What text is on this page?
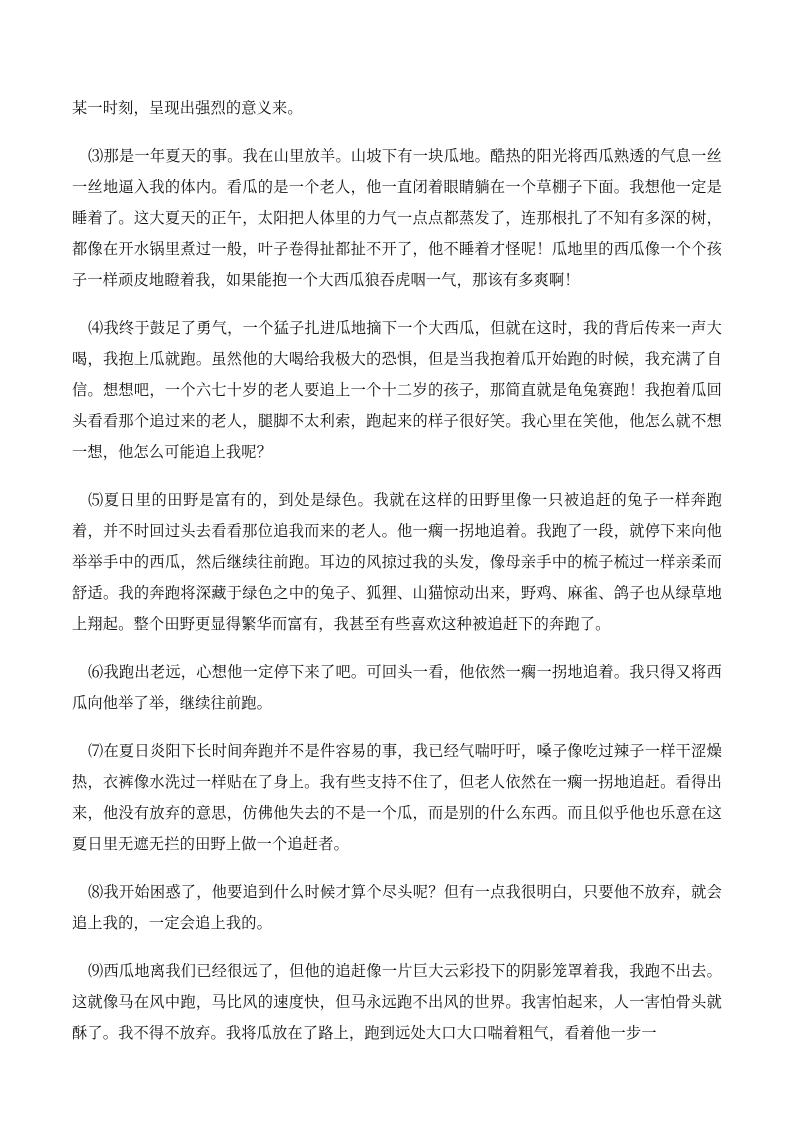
某一时刻，呈现出强烈的意义来。

⑶那是一年夏天的事。我在山里放羊。山坡下有一块瓜地。酷热的阳光将西瓜熟透的气息一丝一丝地逼入我的体内。看瓜的是一个老人，他一直闭着眼睛躺在一个草棚子下面。我想他一定是睡着了。这大夏天的正午，太阳把人体里的力气一点点都蒸发了，连那根扎了不知有多深的树，都像在开水锅里煮过一般，叶子卷得扯都扯不开了，他不睡着才怪呢！瓜地里的西瓜像一个个孩子一样顽皮地瞪着我，如果能抱一个大西瓜狼吞虎咽一气，那该有多爽啊！

⑷我终于鼓足了勇气，一个猛子扎进瓜地摘下一个大西瓜，但就在这时，我的背后传来一声大喝，我抱上瓜就跑。虽然他的大喝给我极大的恐惧，但是当我抱着瓜开始跑的时候，我充满了自信。想想吧，一个六七十岁的老人要追上一个十二岁的孩子，那简直就是龟兔赛跑！我抱着瓜回头看看那个追过来的老人，腿脚不太利索，跑起来的样子很好笑。我心里在笑他，他怎么就不想一想，他怎么可能追上我呢？

⑸夏日里的田野是富有的，到处是绿色。我就在这样的田野里像一只被追赶的兔子一样奔跑着，并不时回过头去看看那位追我而来的老人。他一瘸一拐地追着。我跑了一段，就停下来向他举举手中的西瓜，然后继续往前跑。耳边的风掠过我的头发，像母亲手中的梳子梳过一样亲柔而舒适。我的奔跑将深藏于绿色之中的兔子、狐狸、山猫惊动出来，野鸡、麻雀、鸽子也从绿草地上翔起。整个田野更显得繁华而富有，我甚至有些喜欢这种被追赶下的奔跑了。

⑹我跑出老远，心想他一定停下来了吧。可回头一看，他依然一瘸一拐地追着。我只得又将西瓜向他举了举，继续往前跑。

⑺在夏日炎阳下长时间奔跑并不是件容易的事，我已经气喘吁吁，嗓子像吃过辣子一样干涩燥热，衣裤像水洗过一样贴在了身上。我有些支持不住了，但老人依然在一瘸一拐地追赶。看得出来，他没有放弃的意思，仿佛他失去的不是一个瓜，而是别的什么东西。而且似乎他也乐意在这夏日里无遮无拦的田野上做一个追赶者。

⑻我开始困惑了，他要追到什么时候才算个尽头呢？但有一点我很明白，只要他不放弃，就会追上我的，一定会追上我的。

⑼西瓜地离我们已经很远了，但他的追赶像一片巨大云彩投下的阴影笼罩着我，我跑不出去。这就像马在风中跑，马比风的速度快，但马永远跑不出风的世界。我害怕起来，人一害怕骨头就酥了。我不得不放弃。我将瓜放在了路上，跑到远处大口大口喘着粗气，看着他一步一
